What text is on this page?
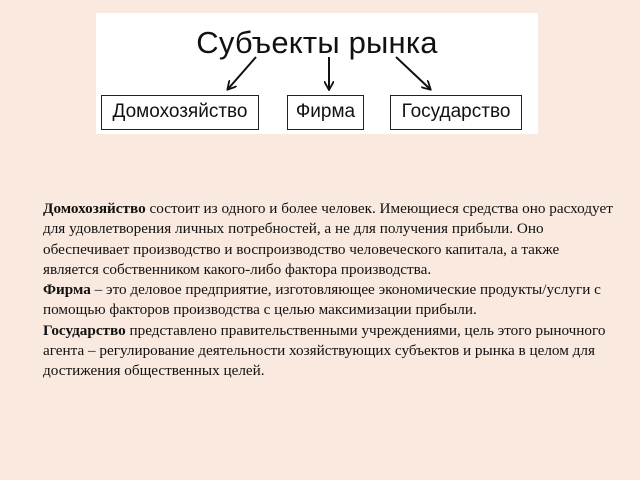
Субъекты рынка
Домохозяйство	Фирма	Государство

Домохозяйство состоит из одного и более человек. Имеющиеся средства оно расходует для удовлетворения личных потребностей, а не для получения прибыли. Оно обеспечивает производство и воспроизводство человеческого капитала, а также является собственником какого-либо фактора производства.

Фирма – это деловое предприятие, изготовляющее экономические продукты/услуги с помощью факторов производства с целью максимизации прибыли.

Государство представлено правительственными учреждениями, цель этого рыночного агента – регулирование деятельности хозяйствующих субъектов и рынка в целом для достижения общественных целей.
